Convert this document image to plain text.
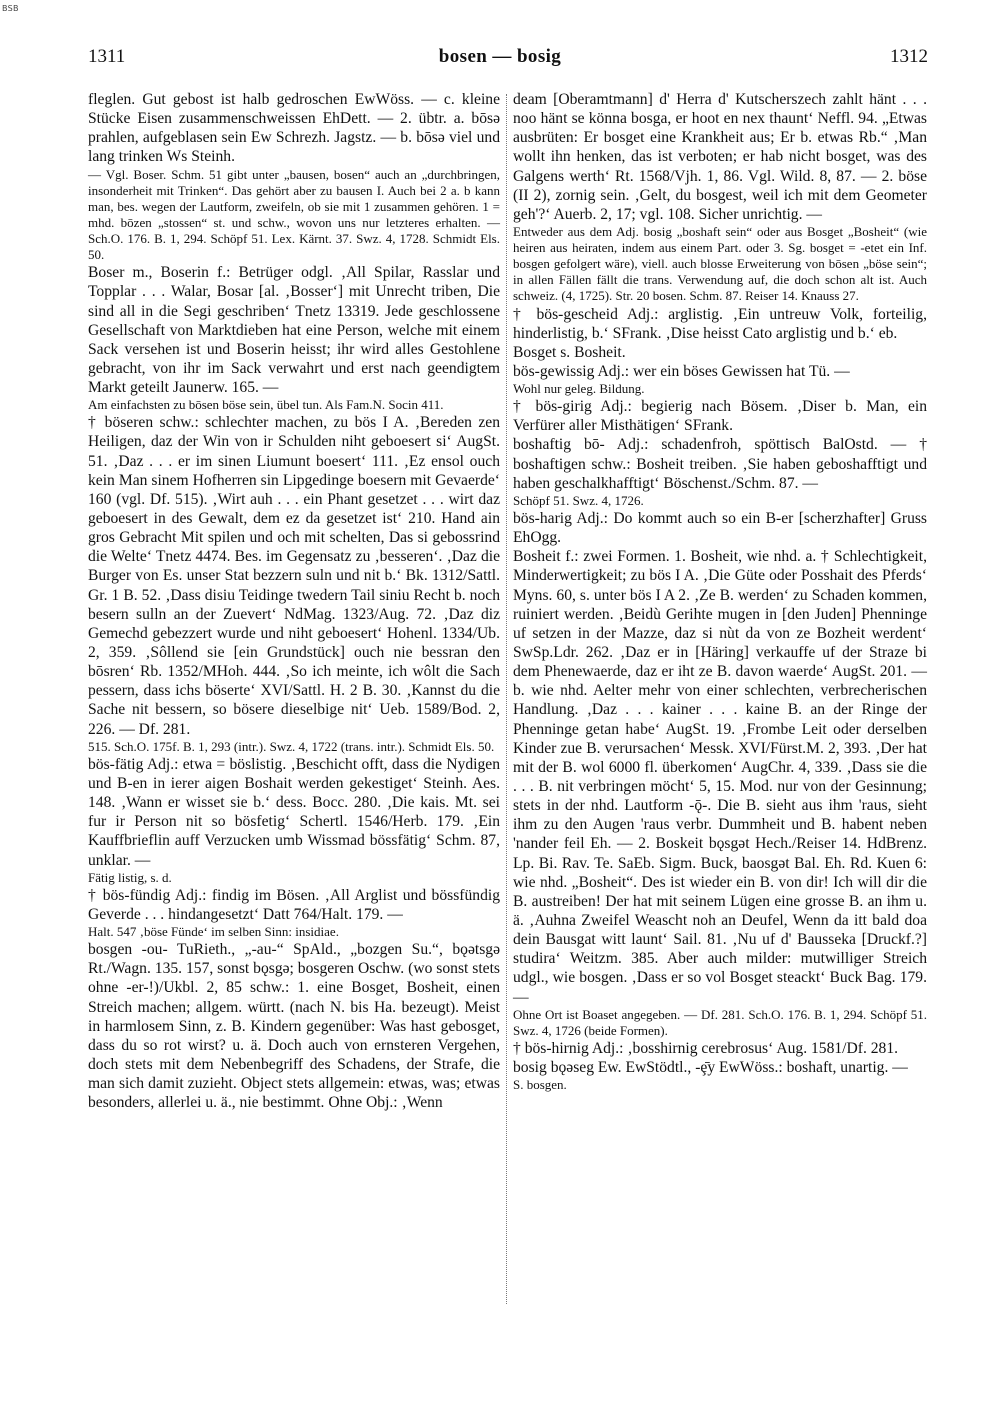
BSB
1311	bosen — bosig	1312

fleglen. Gut gebost ist halb gedroschen EwWöss. — c. kleine Stücke Eisen zusammenschweissen EhDett. — 2. übtr. a. bōsə prahlen, aufgeblasen sein Ew Schrezh. Jagstz. — b. bōsə viel und lang trinken Ws Steinh.

— Vgl. Boser. Schm. 51 gibt unter „bausen, bosen“ auch an „durchbringen, insonderheit mit Trinken“. Das gehört aber zu bausen I. Auch bei 2 a. b kann man, bes. wegen der Lautform, zweifeln, ob sie mit 1 zusammen gehören. 1 = mhd. bōzen „stossen“ st. und schw., wovon uns nur letzteres erhalten. — Sch.O. 176. B. 1, 294. Schöpf 51. Lex. Kärnt. 37. Swz. 4, 1728. Schmidt Els. 50.

Boser m., Boserin f.: Betrüger odgl. ‚All Spilar, Rasslar und Topplar . . . Walar, Bosar [al. ‚Bosser‘] mit Unrecht triben, Die sind all in die Segi geschriben‘ Tnetz 13319. Jede geschlossene Gesellschaft von Marktdieben hat eine Person, welche mit einem Sack versehen ist und Boserin heisst; ihr wird alles Gestohlene gebracht, von ihr im Sack verwahrt und erst nach geendigtem Markt geteilt Jaunerw. 165. —

Am einfachsten zu bōsen böse sein, übel tun. Als Fam.N. Socin 411.

† böseren schw.: schlechter machen, zu bös I A. ‚Bereden zen Heiligen, daz der Win von ir Schulden niht geboesert si‘ AugSt. 51. ‚Daz . . . er im sinen Liumunt boesert‘ 111. ‚Ez ensol ouch kein Man sinem Hofherren sin Lipgedinge boesern mit Gevaerde‘ 160 (vgl. Df. 515). ‚Wirt auh . . . ein Phant gesetzet . . . wirt daz geboesert in des Gewalt, dem ez da gesetzet ist‘ 210. Hand ain gros Gebracht Mit spilen und och mit schelten, Das si gebossrind die Welte‘ Tnetz 4474. Bes. im Gegensatz zu ‚besseren‘. ‚Daz die Burger von Es. unser Stat bezzern suln und nit b.‘ Bk. 1312/Sattl. Gr. 1 B. 52. ‚Dass disiu Teidinge twedern Tail siniu Recht b. noch besern sulln an der Zuevert‘ NdMag. 1323/Aug. 72. ‚Daz diz Gemechd gebezzert wurde und niht geboesert‘ Hohenl. 1334/Ub. 2, 359. ‚Sôllend sie [ein Grundstück] ouch nie bessran den bōsren‘ Rb. 1352/MHoh. 444. ‚So ich meinte, ich wôlt die Sach pessern, dass ichs böserte‘ XVI/Sattl. H. 2 B. 30. ‚Kannst du die Sache nit bessern, so bösere dieselbige nit‘ Ueb. 1589/Bod. 2, 226. — Df. 281.

515. Sch.O. 175f. B. 1, 293 (intr.). Swz. 4, 1722 (trans. intr.). Schmidt Els. 50.

bös-fätig Adj.: etwa = böslistig. ‚Beschicht offt, dass die Nydigen und B-en in ierer aigen Boshait werden gekestiget‘ Steinh. Aes. 148. ‚Wann er wisset sie b.‘ dess. Bocc. 280. ‚Die kais. Mt. sei fur ir Person nit so bösfetig‘ Schertl. 1546/Herb. 179. ‚Ein Kauffbrieflin auff Verzucken umb Wissmad bössfätig‘ Schm. 87, unklar. —

Fätig listig, s. d.

† bös-fündig Adj.: findig im Bösen. ‚All Arglist und bössfündig Geverde . . . hindangesetzt‘ Datt 764/Halt. 179. —

Halt. 547 ‚böse Fünde‘ im selben Sinn: insidiae.

bosgen -ou- TuRieth., „-au-“ SpAld., „bozgen Su.“, bǫǝtsgǝ Rt./Wagn. 135. 157, sonst bǫsgǝ; bosgeren Oschw. (wo sonst stets ohne -er-!)/Ukbl. 2, 85 schw.: 1. eine Bosget, Bosheit, einen Streich machen; allgem. württ. (nach N. bis Ha. bezeugt). Meist in harmlosem Sinn, z. B. Kindern gegenüber: Was hast gebosget, dass du so rot wirst? u. ä. Doch auch von ernsteren Vergehen, doch stets mit dem Nebenbegriff des Schadens, der Strafe, die man sich damit zuzieht. Object stets allgemein: etwas, was; etwas besonders, allerlei u. ä., nie bestimmt. Ohne Obj.: ‚Wenn

deam [Oberamtmann] d' Herra d' Kutscherszech zahlt hänt . . . noo hänt se könna bosga, er hoot en nex thaunt‘ Neffl. 94. „Etwas ausbrüten: Er bosget eine Krankheit aus; Er b. etwas Rb.“ ‚Man wollt ihn henken, das ist verboten; er hab nicht bosget, was des Galgens werth‘ Rt. 1568/Vjh. 1, 86. Vgl. Wild. 8, 87. — 2. böse (II 2), zornig sein. ‚Gelt, du bosgest, weil ich mit dem Geometer geh'?‘ Auerb. 2, 17; vgl. 108. Sicher unrichtig. —

Entweder aus dem Adj. bosig „boshaft sein“ oder aus Bosget „Bosheit“ (wie heiren aus heiraten, indem aus einem Part. oder 3. Sg. bosget = -etet ein Inf. bosgen gefolgert wäre), viell. auch blosse Erweiterung von bōsen „böse sein“; in allen Fällen fällt die trans. Verwendung auf, die doch schon alt ist. Auch schweiz. (4, 1725). Str. 20 bosen. Schm. 87. Reiser 14. Knauss 27.

† bös-gescheid Adj.: arglistig. ‚Ein untreuw Volk, forteilig, hinderlistig, b.‘ SFrank. ‚Dise heisst Cato arglistig und b.‘ eb.

Bosget s. Bosheit.

bös-gewissig Adj.: wer ein böses Gewissen hat Tü. —

Wohl nur geleg. Bildung.

† bös-girig Adj.: begierig nach Bösem. ‚Diser b. Man, ein Verfürer aller Misthätigen‘ SFrank.

boshaftig bō- Adj.: schadenfroh, spöttisch BalOstd. — † boshaftigen schw.: Bosheit treiben. ‚Sie haben geboshafftigt und haben geschalkhafftigt‘ Böschenst./Schm. 87. —

Schöpf 51. Swz. 4, 1726.

bös-harig Adj.: Do kommt auch so ein B-er [scherzhafter] Gruss EhOgg.

Bosheit f.: zwei Formen. 1. Bosheit, wie nhd. a. † Schlechtigkeit, Minderwertigkeit; zu bös I A. ‚Die Güte oder Posshait des Pferds‘ Myns. 60, s. unter bös I A 2. ‚Ze B. werden‘ zu Schaden kommen, ruiniert werden. ‚Beidù Gerihte mugen in [den Juden] Phenninge uf setzen in der Mazze, daz si nùt da von ze Bozheit werdent‘ SwSp.Ldr. 262. ‚Daz er in [Häring] verkauffe uf der Straze bi dem Phenewaerde, daz er iht ze B. davon waerde‘ AugSt. 201. — b. wie nhd. Aelter mehr von einer schlechten, verbrecherischen Handlung. ‚Daz . . . kainer . . . kaine B. an der Ringe der Phenninge getan habe‘ AugSt. 19. ‚Frombe Leit oder derselben Kinder zue B. verursachen‘ Messk. XVI/Fürst.M. 2, 393. ‚Der hat mit der B. wol 6000 fl. überkomen‘ AugChr. 4, 339. ‚Dass sie die . . . B. nit verbringen möcht‘ 5, 15. Mod. nur von der Gesinnung; stets in der nhd. Lautform -ǭ-. Die B. sieht aus ihm 'raus, sieht ihm zu den Augen 'raus verbr. Dummheit und B. habent neben 'nander feil Eh. — 2. Boskeit bǫsgǝt Hech./Reiser 14. HdBrenz. Lp. Bi. Rav. Te. SaEb. Sigm. Buck, baosgǝt Bal. Eh. Rd. Kuen 6: wie nhd. „Bosheit“. Des ist wieder ein B. von dir! Ich will dir die B. austreiben! Der hat mit seinem Lügen eine grosse B. an ihm u. ä. ‚Auhna Zweifel Weascht noh an Deufel, Wenn da itt bald doa dein Bausgat witt launt‘ Sail. 81. ‚Nu uf d' Bausseka [Druckf.?] studira‘ Weitzm. 385. Aber auch milder: mutwilliger Streich udgl., wie bosgen. ‚Dass er so vol Bosget steackt‘ Buck Bag. 179. —

Ohne Ort ist Boaset angegeben. — Df. 281. Sch.O. 176. B. 1, 294. Schöpf 51. Swz. 4, 1726 (beide Formen).

† bös-hirnig Adj.: ‚bosshirnig cerebrosus‘ Aug. 1581/Df. 281.

bosig bǫǝseg Ew. EwStödtl., -ȩ̄y EwWöss.: boshaft, unartig. —

S. bosgen.
